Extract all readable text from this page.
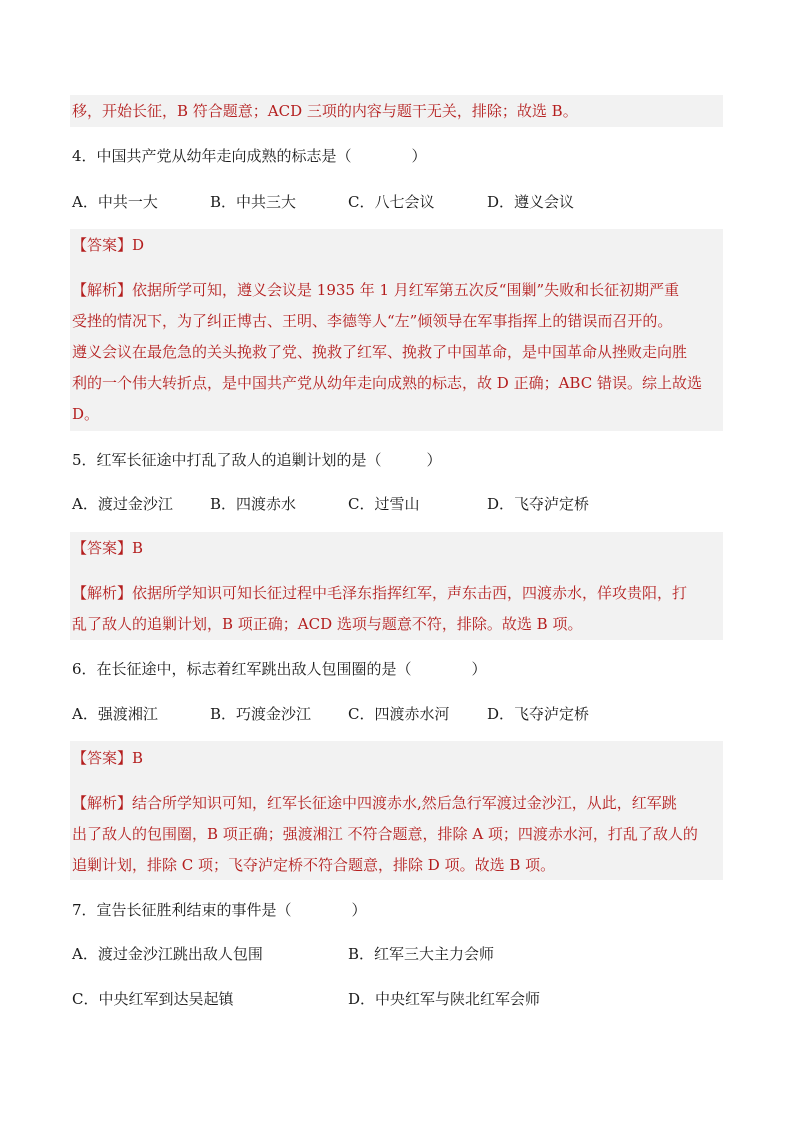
移，开始长征，B 符合题意；ACD 三项的内容与题干无关，排除；故选 B。
4．中国共产党从幼年走向成熟的标志是（　　　　）
A．中共一大	B．中共三大	C．八七会议	D．遵义会议
【答案】D
【解析】依据所学可知，遵义会议是 1935 年 1 月红军第五次反“围剿”失败和长征初期严重
受挫的情况下，为了纠正博古、王明、李德等人“左”倾领导在军事指挥上的错误而召开的。
遵义会议在最危急的关头挽救了党、挽救了红军、挽救了中国革命，是中国革命从挫败走向胜
利的一个伟大转折点，是中国共产党从幼年走向成熟的标志，故 D 正确；ABC 错误。综上故选
D。
5．红军长征途中打乱了敌人的追剿计划的是（　　　）
A．渡过金沙江 B．四渡赤水	C．过雪山	D．飞夺泸定桥
【答案】B
【解析】依据所学知识可知长征过程中毛泽东指挥红军，声东击西，四渡赤水，佯攻贵阳，打
乱了敌人的追剿计划，B 项正确；ACD 选项与题意不符，排除。故选 B 项。
6．在长征途中，标志着红军跳出敌人包围圈的是（　　　　）
A．强渡湘江	B．巧渡金沙江 C．四渡赤水河	D．飞夺泸定桥
【答案】B
【解析】结合所学知识可知，红军长征途中四渡赤水,然后急行军渡过金沙江，从此，红军跳
出了敌人的包围圈，B 项正确；强渡湘江 不符合题意，排除 A 项；四渡赤水河，打乱了敌人的
追剿计划，排除 C 项；飞夺泸定桥不符合题意，排除 D 项。故选 B 项。
7．宣告长征胜利结束的事件是（　　　　）
A．渡过金沙江跳出敌人包围	B．红军三大主力会师
C．中央红军到达吴起镇	D．中央红军与陕北红军会师
